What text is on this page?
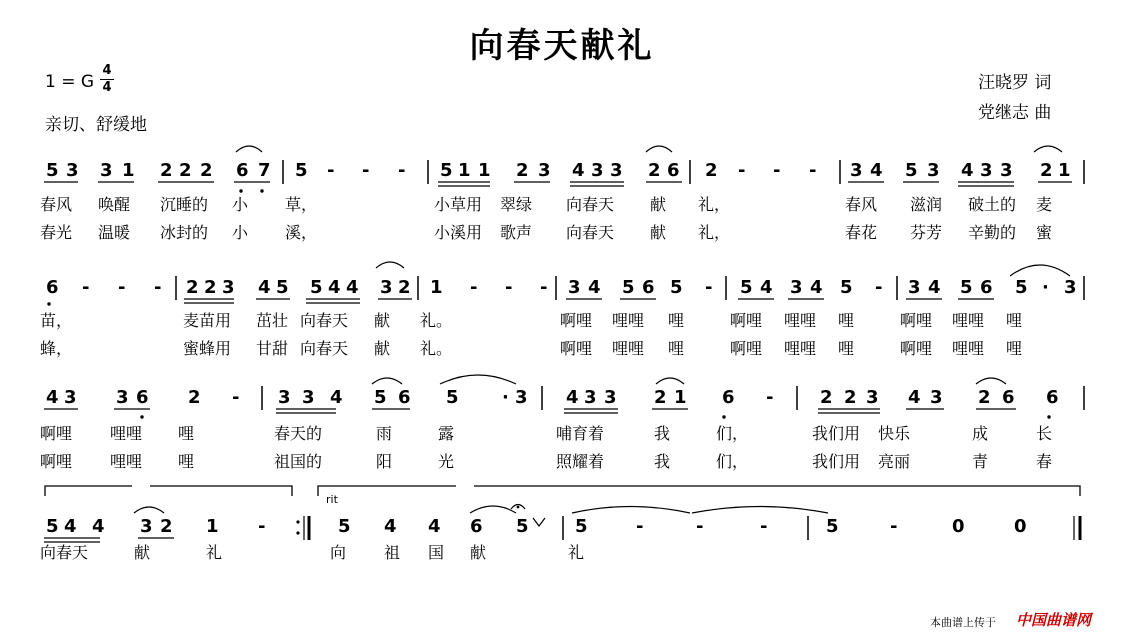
向春天献礼
1 = G
4
4	汪晓罗 词
党继志 曲
亲切、舒缓地
5 3 3 1 2 2 2 6 7 5 - - - 5 1 1 2 3 4 3 3 2 6 2 - - - 3 4 5 3 4 3 3 2 1
春风 唤醒 沉睡的 小 草，	小草用 翠绿 向春天 献 礼，	春风 滋润 破土的 麦
春光 温暖 冰封的 小 溪，	小溪用 歌声 向春天 献 礼，	春花 芬芳 辛勤的 蜜
6 - - - 2 2 3 4 5 5 4 4 3 2 1 - - - 3 4 5 6 5 - 5 4 3 4 5 - 3 4 5 6 5 · 3
苗，	麦苗用 茁壮 向春天 献 礼。	啊哩 哩哩 哩	啊哩 哩哩 哩	啊哩 哩哩 哩
蜂，	蜜蜂用 甘甜 向春天 献 礼。	啊哩 哩哩 哩	啊哩 哩哩 哩	啊哩 哩哩 哩
4 3 3 6 2 - 3 3 4 5 6 5 · 3 4 3 3 2 1 6 -	2 2 3 4 3 2 6 6
啊哩 哩哩 哩	春天的	雨	露	哺育着	我	们，	我们用 快乐	成	长
啊哩 哩哩 哩	祖国的	阳	光	照耀着	我	们，	我们用 亮丽	青	春
5 4 4 3 2 1 -	5 4 4 6 5	5	-	-	-	5	-	0	0
向春天	献	礼	向 祖 国 献	礼
rit
本曲谱上传于 中国曲谱网
